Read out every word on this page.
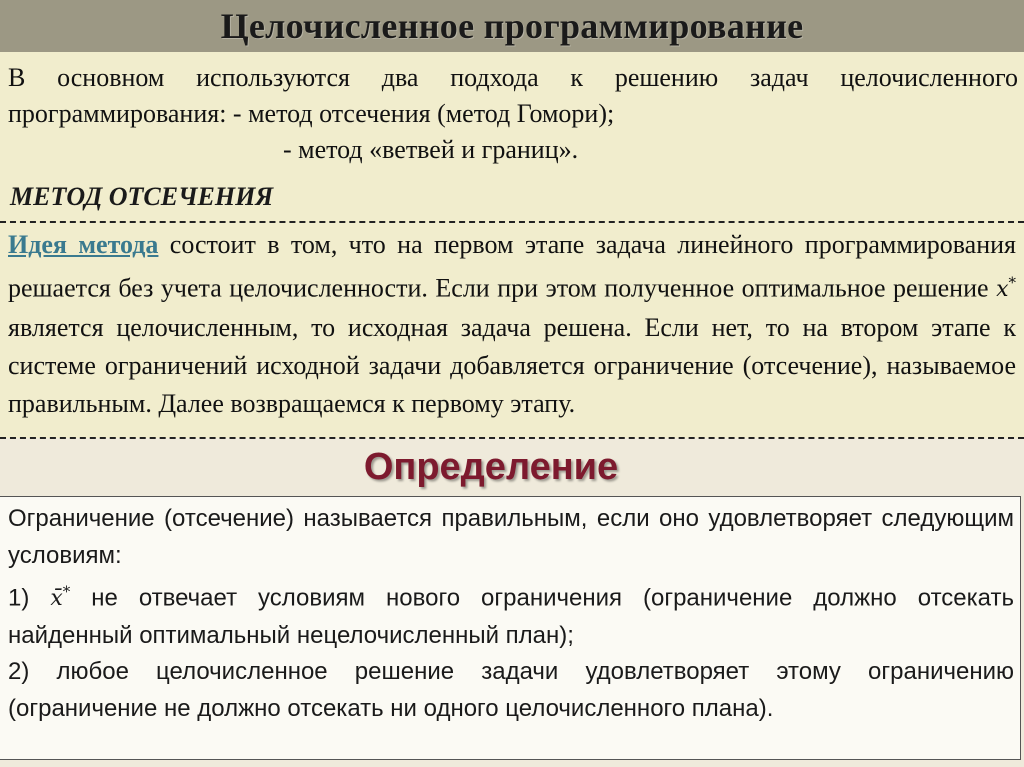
Целочисленное программирование
В основном используются два подхода к решению задач целочисленного
программирования: - метод отсечения (метод Гомори);
- метод «ветвей и границ».
МЕТОД ОТСЕЧЕНИЯ
Идея метода состоит в том, что на первом этапе задача линейного программирования решается без учета целочисленности. Если при этом полученное оптимальное решение x* является целочисленным, то исходная задача решена. Если нет, то на втором этапе к системе ограничений исходной задачи добавляется ограничение (отсечение), называемое правильным. Далее возвращаемся к первому этапу.
Определение
Ограничение (отсечение) называется правильным, если оно удовлетворяет следующим условиям:
1) x̄* не отвечает условиям нового ограничения (ограничение должно отсекать найденный оптимальный нецелочисленный план);
2) любое целочисленное решение задачи удовлетворяет этому ограничению (ограничение не должно отсекать ни одного целочисленного плана).
